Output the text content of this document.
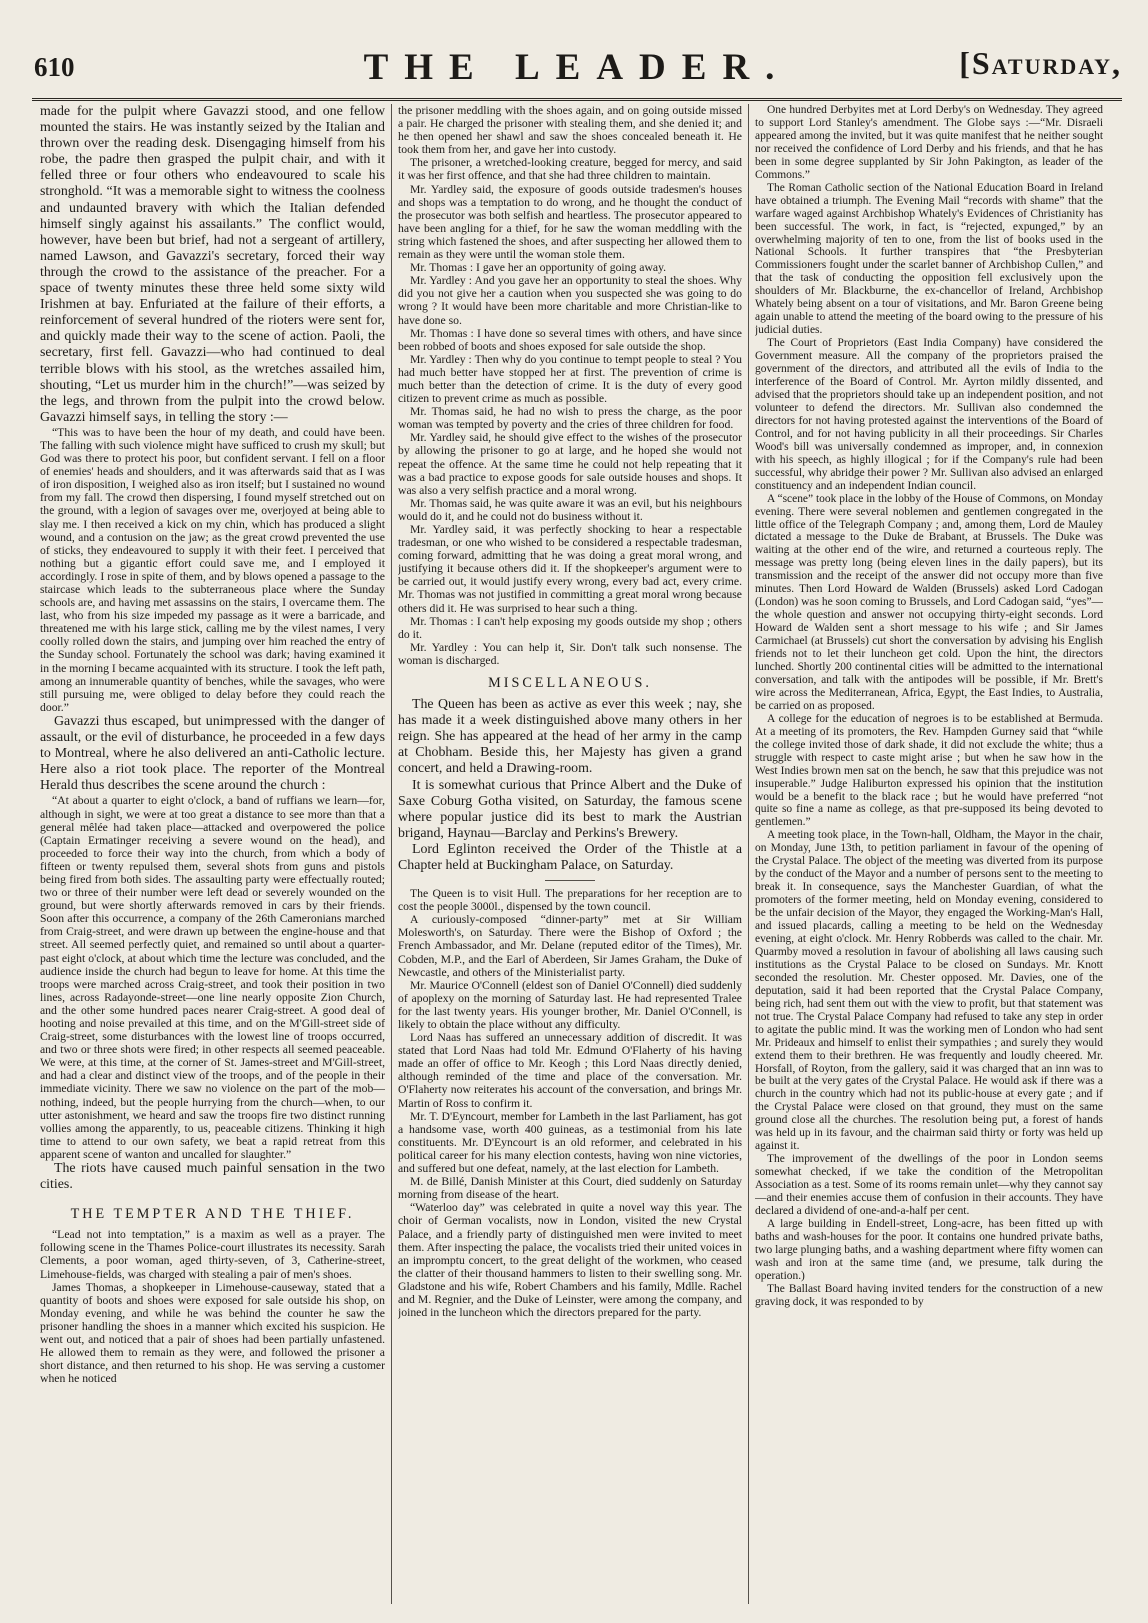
610	THE LEADER.	[Saturday,

made for the pulpit where Gavazzi stood, and one fellow mounted the stairs. He was instantly seized by the Italian and thrown over the reading desk. Disengaging himself from his robe, the padre then grasped the pulpit chair, and with it felled three or four others who endeavoured to scale his stronghold. “It was a memorable sight to witness the coolness and undaunted bravery with which the Italian defended himself singly against his assailants.” The conflict would, however, have been but brief, had not a sergeant of artillery, named Lawson, and Gavazzi's secretary, forced their way through the crowd to the assistance of the preacher. For a space of twenty minutes these three held some sixty wild Irishmen at bay. Enfuriated at the failure of their efforts, a reinforcement of several hundred of the rioters were sent for, and quickly made their way to the scene of action. Paoli, the secretary, first fell. Gavazzi—who had continued to deal terrible blows with his stool, as the wretches assailed him, shouting, “Let us murder him in the church!”—was seized by the legs, and thrown from the pulpit into the crowd below. Gavazzi himself says, in telling the story :—

“This was to have been the hour of my death, and could have been. The falling with such violence might have sufficed to crush my skull; but God was there to protect his poor, but confident servant. I fell on a floor of enemies' heads and shoulders, and it was afterwards said that as I was of iron disposition, I weighed also as iron itself; but I sustained no wound from my fall. The crowd then dispersing, I found myself stretched out on the ground, with a legion of savages over me, overjoyed at being able to slay me. I then received a kick on my chin, which has produced a slight wound, and a contusion on the jaw; as the great crowd prevented the use of sticks, they endeavoured to supply it with their feet. I perceived that nothing but a gigantic effort could save me, and I employed it accordingly. I rose in spite of them, and by blows opened a passage to the staircase which leads to the subterraneous place where the Sunday schools are, and having met assassins on the stairs, I overcame them. The last, who from his size impeded my passage as it were a barricade, and threatened me with his large stick, calling me by the vilest names, I very coolly rolled down the stairs, and jumping over him reached the entry of the Sunday school. Fortunately the school was dark; having examined it in the morning I became acquainted with its structure. I took the left path, among an innumerable quantity of benches, while the savages, who were still pursuing me, were obliged to delay before they could reach the door.”

Gavazzi thus escaped, but unimpressed with the danger of assault, or the evil of disturbance, he proceeded in a few days to Montreal, where he also delivered an anti-Catholic lecture. Here also a riot took place. The reporter of the Montreal Herald thus describes the scene around the church :

“At about a quarter to eight o'clock, a band of ruffians we learn—for, although in sight, we were at too great a distance to see more than that a general mêlée had taken place—attacked and overpowered the police (Captain Ermatinger receiving a severe wound on the head), and proceeded to force their way into the church, from which a body of fifteen or twenty repulsed them, several shots from guns and pistols being fired from both sides. The assaulting party were effectually routed; two or three of their number were left dead or severely wounded on the ground, but were shortly afterwards removed in cars by their friends. Soon after this occurrence, a company of the 26th Cameronians marched from Craig-street, and were drawn up between the engine-house and that street. All seemed perfectly quiet, and remained so until about a quarter-past eight o'clock, at about which time the lecture was concluded, and the audience inside the church had begun to leave for home. At this time the troops were marched across Craig-street, and took their position in two lines, across Radayonde-street—one line nearly opposite Zion Church, and the other some hundred paces nearer Craig-street. A good deal of hooting and noise prevailed at this time, and on the M'Gill-street side of Craig-street, some disturbances with the lowest line of troops occurred, and two or three shots were fired; in other respects all seemed peaceable. We were, at this time, at the corner of St. James-street and M'Gill-street, and had a clear and distinct view of the troops, and of the people in their immediate vicinity. There we saw no violence on the part of the mob—nothing, indeed, but the people hurrying from the church—when, to our utter astonishment, we heard and saw the troops fire two distinct running vollies among the apparently, to us, peaceable citizens. Thinking it high time to attend to our own safety, we beat a rapid retreat from this apparent scene of wanton and uncalled for slaughter.”

The riots have caused much painful sensation in the two cities.

THE TEMPTER AND THE THIEF.

“Lead not into temptation,” is a maxim as well as a prayer. The following scene in the Thames Police-court illustrates its necessity. Sarah Clements, a poor woman, aged thirty-seven, of 3, Catherine-street, Limehouse-fields, was charged with stealing a pair of men's shoes.

James Thomas, a shopkeeper in Limehouse-causeway, stated that a quantity of boots and shoes were exposed for sale outside his shop, on Monday evening, and while he was behind the counter he saw the prisoner handling the shoes in a manner which excited his suspicion. He went out, and noticed that a pair of shoes had been partially unfastened. He allowed them to remain as they were, and followed the prisoner a short distance, and then returned to his shop. He was serving a customer when he noticed

the prisoner meddling with the shoes again, and on going outside missed a pair. He charged the prisoner with stealing them, and she denied it; and he then opened her shawl and saw the shoes concealed beneath it. He took them from her, and gave her into custody.

The prisoner, a wretched-looking creature, begged for mercy, and said it was her first offence, and that she had three children to maintain.

Mr. Yardley said, the exposure of goods outside tradesmen's houses and shops was a temptation to do wrong, and he thought the conduct of the prosecutor was both selfish and heartless. The prosecutor appeared to have been angling for a thief, for he saw the woman meddling with the string which fastened the shoes, and after suspecting her allowed them to remain as they were until the woman stole them.

Mr. Thomas : I gave her an opportunity of going away.

Mr. Yardley : And you gave her an opportunity to steal the shoes. Why did you not give her a caution when you suspected she was going to do wrong ? It would have been more charitable and more Christian-like to have done so.

Mr. Thomas : I have done so several times with others, and have since been robbed of boots and shoes exposed for sale outside the shop.

Mr. Yardley : Then why do you continue to tempt people to steal ? You had much better have stopped her at first. The prevention of crime is much better than the detection of crime. It is the duty of every good citizen to prevent crime as much as possible.

Mr. Thomas said, he had no wish to press the charge, as the poor woman was tempted by poverty and the cries of three children for food.

Mr. Yardley said, he should give effect to the wishes of the prosecutor by allowing the prisoner to go at large, and he hoped she would not repeat the offence. At the same time he could not help repeating that it was a bad practice to expose goods for sale outside houses and shops. It was also a very selfish practice and a moral wrong.

Mr. Thomas said, he was quite aware it was an evil, but his neighbours would do it, and he could not do business without it.

Mr. Yardley said, it was perfectly shocking to hear a respectable tradesman, or one who wished to be considered a respectable tradesman, coming forward, admitting that he was doing a great moral wrong, and justifying it because others did it. If the shopkeeper's argument were to be carried out, it would justify every wrong, every bad act, every crime. Mr. Thomas was not justified in committing a great moral wrong because others did it. He was surprised to hear such a thing.

Mr. Thomas : I can't help exposing my goods outside my shop ; others do it.

Mr. Yardley : You can help it, Sir. Don't talk such nonsense. The woman is discharged.

MISCELLANEOUS.

The Queen has been as active as ever this week ; nay, she has made it a week distinguished above many others in her reign. She has appeared at the head of her army in the camp at Chobham. Beside this, her Majesty has given a grand concert, and held a Drawing-room.

It is somewhat curious that Prince Albert and the Duke of Saxe Coburg Gotha visited, on Saturday, the famous scene where popular justice did its best to mark the Austrian brigand, Haynau—Barclay and Perkins's Brewery.

Lord Eglinton received the Order of the Thistle at a Chapter held at Buckingham Palace, on Saturday.

The Queen is to visit Hull. The preparations for her reception are to cost the people 3000l., dispensed by the town council.

A curiously-composed “dinner-party” met at Sir William Molesworth's, on Saturday. There were the Bishop of Oxford ; the French Ambassador, and Mr. Delane (reputed editor of the Times), Mr. Cobden, M.P., and the Earl of Aberdeen, Sir James Graham, the Duke of Newcastle, and others of the Ministerialist party.

Mr. Maurice O'Connell (eldest son of Daniel O'Connell) died suddenly of apoplexy on the morning of Saturday last. He had represented Tralee for the last twenty years. His younger brother, Mr. Daniel O'Connell, is likely to obtain the place without any difficulty.

Lord Naas has suffered an unnecessary addition of discredit. It was stated that Lord Naas had told Mr. Edmund O'Flaherty of his having made an offer of office to Mr. Keogh ; this Lord Naas directly denied, although reminded of the time and place of the conversation. Mr. O'Flaherty now reiterates his account of the conversation, and brings Mr. Martin of Ross to confirm it.

Mr. T. D'Eyncourt, member for Lambeth in the last Parliament, has got a handsome vase, worth 400 guineas, as a testimonial from his late constituents. Mr. D'Eyncourt is an old reformer, and celebrated in his political career for his many election contests, having won nine victories, and suffered but one defeat, namely, at the last election for Lambeth.

M. de Billé, Danish Minister at this Court, died suddenly on Saturday morning from disease of the heart.

“Waterloo day” was celebrated in quite a novel way this year. The choir of German vocalists, now in London, visited the new Crystal Palace, and a friendly party of distinguished men were invited to meet them. After inspecting the palace, the vocalists tried their united voices in an impromptu concert, to the great delight of the workmen, who ceased the clatter of their thousand hammers to listen to their swelling song. Mr. Gladstone and his wife, Robert Chambers and his family, Mdlle. Rachel and M. Regnier, and the Duke of Leinster, were among the company, and joined in the luncheon which the directors prepared for the party.

One hundred Derbyites met at Lord Derby's on Wednesday. They agreed to support Lord Stanley's amendment. The Globe says :—“Mr. Disraeli appeared among the invited, but it was quite manifest that he neither sought nor received the confidence of Lord Derby and his friends, and that he has been in some degree supplanted by Sir John Pakington, as leader of the Commons.”

The Roman Catholic section of the National Education Board in Ireland have obtained a triumph. The Evening Mail “records with shame” that the warfare waged against Archbishop Whately's Evidences of Christianity has been successful. The work, in fact, is “rejected, expunged,” by an overwhelming majority of ten to one, from the list of books used in the National Schools. It further transpires that “the Presbyterian Commissioners fought under the scarlet banner of Archbishop Cullen,” and that the task of conducting the opposition fell exclusively upon the shoulders of Mr. Blackburne, the ex-chancellor of Ireland, Archbishop Whately being absent on a tour of visitations, and Mr. Baron Greene being again unable to attend the meeting of the board owing to the pressure of his judicial duties.

The Court of Proprietors (East India Company) have considered the Government measure. All the company of the proprietors praised the government of the directors, and attributed all the evils of India to the interference of the Board of Control. Mr. Ayrton mildly dissented, and advised that the proprietors should take up an independent position, and not volunteer to defend the directors. Mr. Sullivan also condemned the directors for not having protested against the interventions of the Board of Control, and for not having publicity in all their proceedings. Sir Charles Wood's bill was universally condemned as improper, and, in connexion with his speech, as highly illogical ; for if the Company's rule had been successful, why abridge their power ? Mr. Sullivan also advised an enlarged constituency and an independent Indian council.

A “scene” took place in the lobby of the House of Commons, on Monday evening. There were several noblemen and gentlemen congregated in the little office of the Telegraph Company ; and, among them, Lord de Mauley dictated a message to the Duke de Brabant, at Brussels. The Duke was waiting at the other end of the wire, and returned a courteous reply. The message was pretty long (being eleven lines in the daily papers), but its transmission and the receipt of the answer did not occupy more than five minutes. Then Lord Howard de Walden (Brussels) asked Lord Cadogan (London) was he soon coming to Brussels, and Lord Cadogan said, “yes”—the whole question and answer not occupying thirty-eight seconds. Lord Howard de Walden sent a short message to his wife ; and Sir James Carmichael (at Brussels) cut short the conversation by advising his English friends not to let their luncheon get cold. Upon the hint, the directors lunched. Shortly 200 continental cities will be admitted to the international conversation, and talk with the antipodes will be possible, if Mr. Brett's wire across the Mediterranean, Africa, Egypt, the East Indies, to Australia, be carried on as proposed.

A college for the education of negroes is to be established at Bermuda. At a meeting of its promoters, the Rev. Hampden Gurney said that “while the college invited those of dark shade, it did not exclude the white; thus a struggle with respect to caste might arise ; but when he saw how in the West Indies brown men sat on the bench, he saw that this prejudice was not insuperable.” Judge Haliburton expressed his opinion that the institution would be a benefit to the black race ; but he would have preferred “not quite so fine a name as college, as that pre-supposed its being devoted to gentlemen.”

A meeting took place, in the Town-hall, Oldham, the Mayor in the chair, on Monday, June 13th, to petition parliament in favour of the opening of the Crystal Palace. The object of the meeting was diverted from its purpose by the conduct of the Mayor and a number of persons sent to the meeting to break it. In consequence, says the Manchester Guardian, of what the promoters of the former meeting, held on Monday evening, considered to be the unfair decision of the Mayor, they engaged the Working-Man's Hall, and issued placards, calling a meeting to be held on the Wednesday evening, at eight o'clock. Mr. Henry Robberds was called to the chair. Mr. Quarmby moved a resolution in favour of abolishing all laws causing such institutions as the Crystal Palace to be closed on Sundays. Mr. Knott seconded the resolution. Mr. Chester opposed. Mr. Davies, one of the deputation, said it had been reported that the Crystal Palace Company, being rich, had sent them out with the view to profit, but that statement was not true. The Crystal Palace Company had refused to take any step in order to agitate the public mind. It was the working men of London who had sent Mr. Prideaux and himself to enlist their sympathies ; and surely they would extend them to their brethren. He was frequently and loudly cheered. Mr. Horsfall, of Royton, from the gallery, said it was charged that an inn was to be built at the very gates of the Crystal Palace. He would ask if there was a church in the country which had not its public-house at every gate ; and if the Crystal Palace were closed on that ground, they must on the same ground close all the churches. The resolution being put, a forest of hands was held up in its favour, and the chairman said thirty or forty was held up against it.

The improvement of the dwellings of the poor in London seems somewhat checked, if we take the condition of the Metropolitan Association as a test. Some of its rooms remain unlet—why they cannot say—and their enemies accuse them of confusion in their accounts. They have declared a dividend of one-and-a-half per cent.

A large building in Endell-street, Long-acre, has been fitted up with baths and wash-houses for the poor. It contains one hundred private baths, two large plunging baths, and a washing department where fifty women can wash and iron at the same time (and, we presume, talk during the operation.)

The Ballast Board having invited tenders for the construction of a new graving dock, it was responded to by
